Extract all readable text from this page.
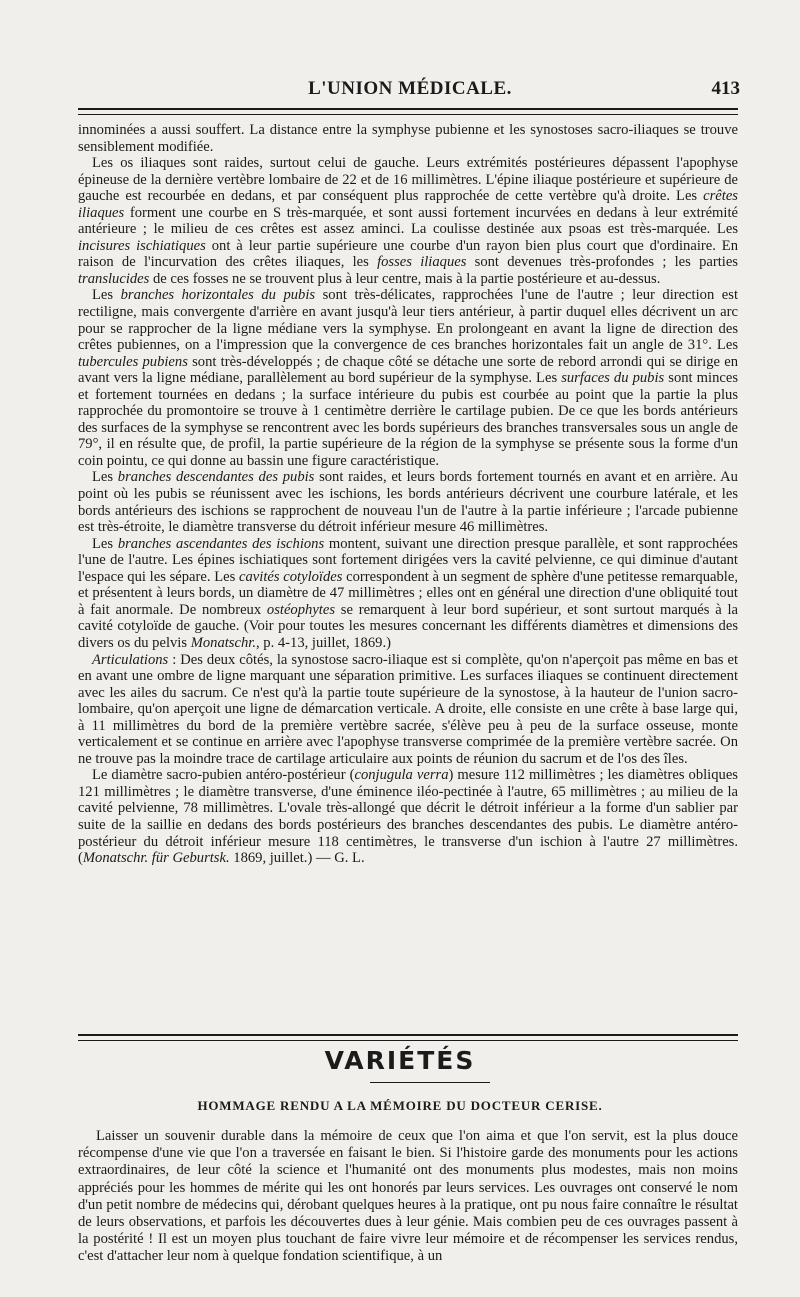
L'UNION MÉDICALE.	413

innominées a aussi souffert. La distance entre la symphyse pubienne et les synostoses sacro-iliaques se trouve sensiblement modifiée.

Les os iliaques sont raides, surtout celui de gauche. Leurs extrémités postérieures dépassent l'apophyse épineuse de la dernière vertèbre lombaire de 22 et de 16 millimètres. L'épine iliaque postérieure et supérieure de gauche est recourbée en dedans, et par conséquent plus rapprochée de cette vertèbre qu'à droite. Les crêtes iliaques forment une courbe en S très-marquée, et sont aussi fortement incurvées en dedans à leur extrémité antérieure ; le milieu de ces crêtes est assez aminci. La coulisse destinée aux psoas est très-marquée. Les incisures ischiatiques ont à leur partie supérieure une courbe d'un rayon bien plus court que d'ordinaire. En raison de l'incurvation des crêtes iliaques, les fosses iliaques sont devenues très-profondes ; les parties translucides de ces fosses ne se trouvent plus à leur centre, mais à la partie postérieure et au-dessus.

Les branches horizontales du pubis sont très-délicates, rapprochées l'une de l'autre ; leur direction est rectiligne, mais convergente d'arrière en avant jusqu'à leur tiers antérieur, à partir duquel elles décrivent un arc pour se rapprocher de la ligne médiane vers la symphyse. En prolongeant en avant la ligne de direction des crêtes pubiennes, on a l'impression que la convergence de ces branches horizontales fait un angle de 31°. Les tubercules pubiens sont très-développés ; de chaque côté se détache une sorte de rebord arrondi qui se dirige en avant vers la ligne médiane, parallèlement au bord supérieur de la symphyse. Les surfaces du pubis sont minces et fortement tournées en dedans ; la surface intérieure du pubis est courbée au point que la partie la plus rapprochée du promontoire se trouve à 1 centimètre derrière le cartilage pubien. De ce que les bords antérieurs des surfaces de la symphyse se rencontrent avec les bords supérieurs des branches transversales sous un angle de 79°, il en résulte que, de profil, la partie supérieure de la région de la symphyse se présente sous la forme d'un coin pointu, ce qui donne au bassin une figure caractéristique.

Les branches descendantes des pubis sont raides, et leurs bords fortement tournés en avant et en arrière. Au point où les pubis se réunissent avec les ischions, les bords antérieurs décrivent une courbure latérale, et les bords antérieurs des ischions se rapprochent de nouveau l'un de l'autre à la partie inférieure ; l'arcade pubienne est très-étroite, le diamètre transverse du détroit inférieur mesure 46 millimètres.

Les branches ascendantes des ischions montent, suivant une direction presque parallèle, et sont rapprochées l'une de l'autre. Les épines ischiatiques sont fortement dirigées vers la cavité pelvienne, ce qui diminue d'autant l'espace qui les sépare. Les cavités cotyloïdes correspondent à un segment de sphère d'une petitesse remarquable, et présentent à leurs bords, un diamètre de 47 millimètres ; elles ont en général une direction d'une obliquité tout à fait anormale. De nombreux ostéophytes se remarquent à leur bord supérieur, et sont surtout marqués à la cavité cotyloïde de gauche. (Voir pour toutes les mesures concernant les différents diamètres et dimensions des divers os du pelvis Monatschr., p. 4-13, juillet, 1869.)

Articulations : Des deux côtés, la synostose sacro-iliaque est si complète, qu'on n'aperçoit pas même en bas et en avant une ombre de ligne marquant une séparation primitive. Les surfaces iliaques se continuent directement avec les ailes du sacrum. Ce n'est qu'à la partie toute supérieure de la synostose, à la hauteur de l'union sacro-lombaire, qu'on aperçoit une ligne de démarcation verticale. A droite, elle consiste en une crête à base large qui, à 11 millimètres du bord de la première vertèbre sacrée, s'élève peu à peu de la surface osseuse, monte verticalement et se continue en arrière avec l'apophyse transverse comprimée de la première vertèbre sacrée. On ne trouve pas la moindre trace de cartilage articulaire aux points de réunion du sacrum et de l'os des îles.

Le diamètre sacro-pubien antéro-postérieur (conjugula verra) mesure 112 millimètres ; les diamètres obliques 121 millimètres ; le diamètre transverse, d'une éminence iléo-pectinée à l'autre, 65 millimètres ; au milieu de la cavité pelvienne, 78 millimètres. L'ovale très-allongé que décrit le détroit inférieur a la forme d'un sablier par suite de la saillie en dedans des bords postérieurs des branches descendantes des pubis. Le diamètre antéro-postérieur du détroit inférieur mesure 118 centimètres, le transverse d'un ischion à l'autre 27 millimètres. (Monatschr. für Geburtsk. 1869, juillet.) — G. L.

VARIÉTÉS
HOMMAGE RENDU A LA MÉMOIRE DU DOCTEUR CERISE.

Laisser un souvenir durable dans la mémoire de ceux que l'on aima et que l'on servit, est la plus douce récompense d'une vie que l'on a traversée en faisant le bien. Si l'histoire garde des monuments pour les actions extraordinaires, de leur côté la science et l'humanité ont des monuments plus modestes, mais non moins appréciés pour les hommes de mérite qui les ont honorés par leurs services. Les ouvrages ont conservé le nom d'un petit nombre de médecins qui, dérobant quelques heures à la pratique, ont pu nous faire connaître le résultat de leurs observations, et parfois les découvertes dues à leur génie. Mais combien peu de ces ouvrages passent à la postérité ! Il est un moyen plus touchant de faire vivre leur mémoire et de récompenser les services rendus, c'est d'attacher leur nom à quelque fondation scientifique, à un
